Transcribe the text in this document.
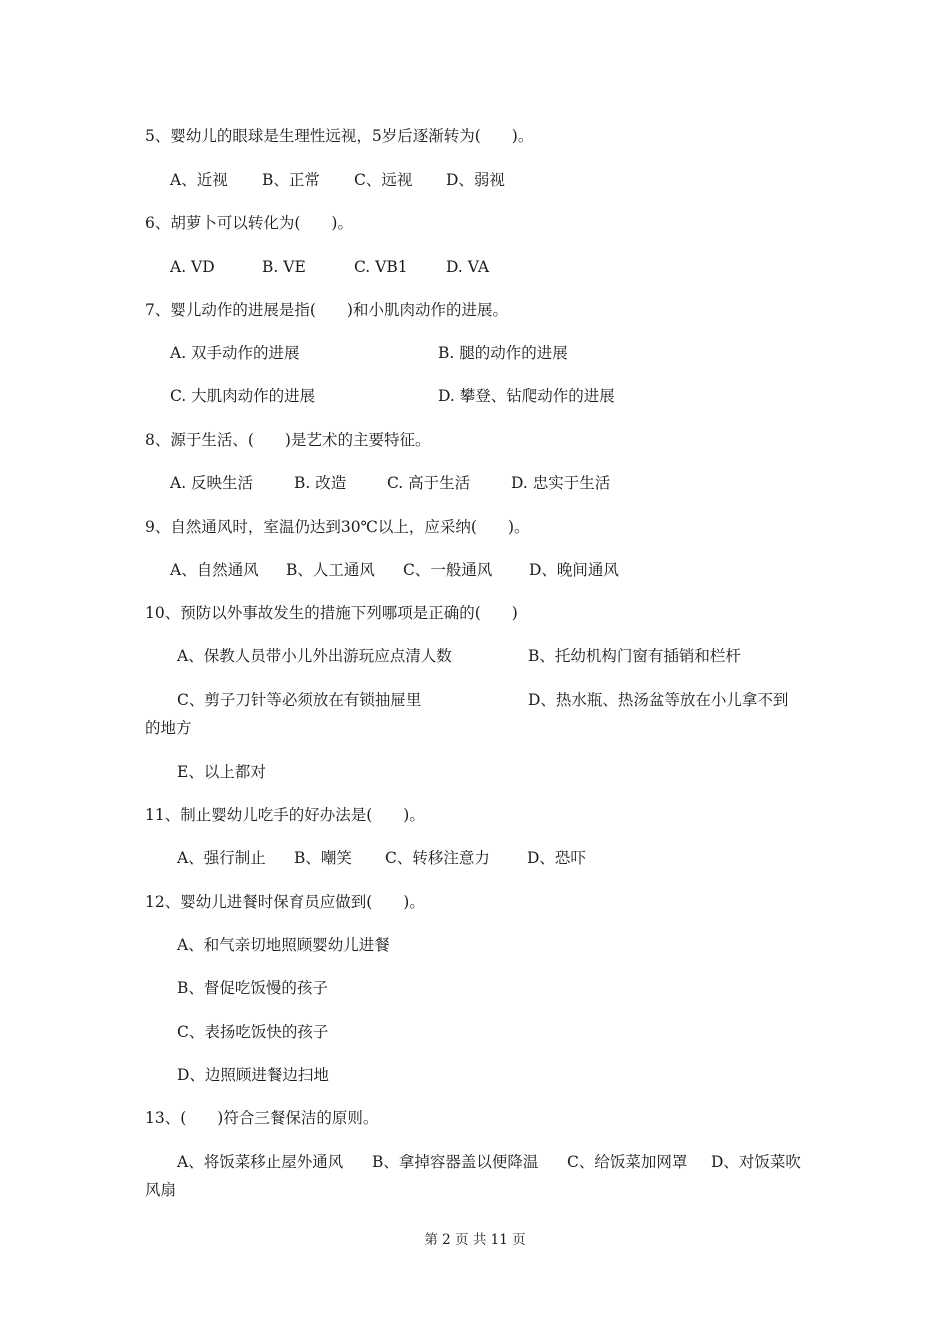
5、婴幼儿的眼球是生理性远视，5岁后逐渐转为(　　)。
A、近视 B、正常 C、远视 D、弱视
6、胡萝卜可以转化为(　　)。
A. VD	B. VE	C. VB1 D. VA
7、婴儿动作的进展是指(　　)和小肌肉动作的进展。
A. 双手动作的进展	B. 腿的动作的进展
C. 大肌肉动作的进展	D. 攀登、钻爬动作的进展
8、源于生活、(　　)是艺术的主要特征。
A. 反映生活	B. 改造	C. 高于生活	D. 忠实于生活
9、自然通风时，室温仍达到30℃以上，应采纳(　　)。
A、自然通风 B、人工通风 C、一般通风 D、晚间通风
10、预防以外事故发生的措施下列哪项是正确的(　　)
A、保教人员带小儿外出游玩应点清人数	B、托幼机构门窗有插销和栏杆
C、剪子刀针等必须放在有锁抽屉里	D、热水瓶、热汤盆等放在小儿拿不到
的地方
E、以上都对
11、制止婴幼儿吃手的好办法是(　　)。
A、强行制止 B、嘲笑 C、转移注意力 D、恐吓
12、婴幼儿进餐时保育员应做到(　　)。
A、和气亲切地照顾婴幼儿进餐
B、督促吃饭慢的孩子
C、表扬吃饭快的孩子
D、边照顾进餐边扫地
13、(　　)符合三餐保洁的原则。
A、将饭菜移止屋外通风 B、拿掉容器盖以便降温 C、给饭菜加网罩 D、对饭菜吹
风扇
第 2 页 共 11 页
